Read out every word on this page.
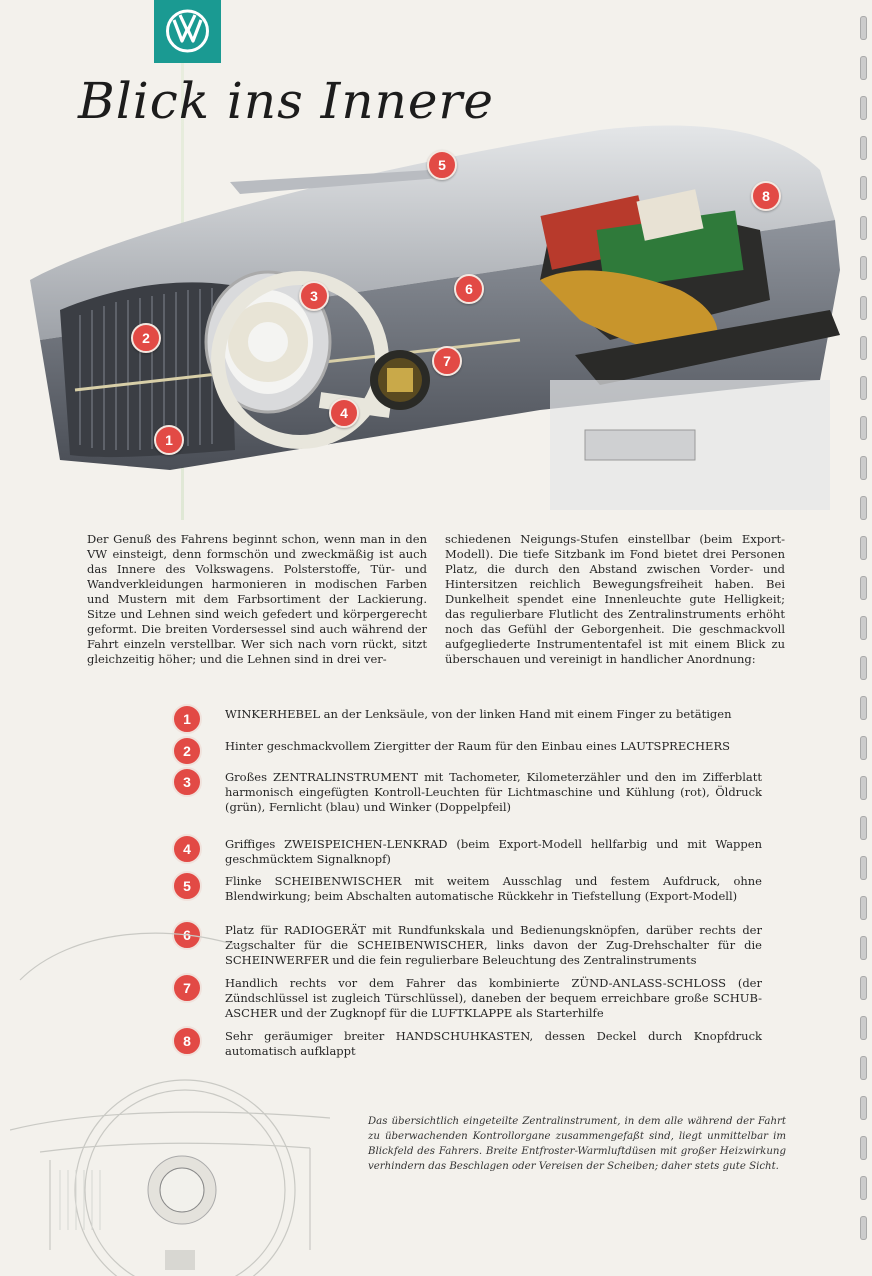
Blick ins Innere
5
8
3	6
2
7
4
1
Der Genuß des Fahrens beginnt schon, wenn man in den VW einsteigt, denn formschön und zweckmäßig ist auch das Innere des Volkswagens. Polsterstoffe, Tür- und Wandverkleidungen harmonieren in modischen Farben und Mustern mit dem Farbsortiment der Lackierung. Sitze und Lehnen sind weich gefedert und körpergerecht geformt. Die breiten Vordersessel sind auch während der Fahrt einzeln verstellbar. Wer sich nach vorn rückt, sitzt gleichzeitig höher; und die Lehnen sind in drei ver-
schiedenen Neigungs-Stufen einstellbar (beim Export-Modell). Die tiefe Sitzbank im Fond bietet drei Personen Platz, die durch den Abstand zwischen Vorder- und Hintersitzen reichlich Bewegungsfreiheit haben. Bei Dunkelheit spendet eine Innenleuchte gute Helligkeit; das regulierbare Flutlicht des Zentralinstruments erhöht noch das Gefühl der Geborgenheit. Die geschmackvoll aufgegliederte Instrumententafel ist mit einem Blick zu überschauen und vereinigt in handlicher Anordnung:
1	WINKERHEBEL an der Lenksäule, von der linken Hand mit einem Finger zu betätigen
2	Hinter geschmackvollem Ziergitter der Raum für den Einbau eines LAUTSPRECHERS
3	Großes ZENTRALINSTRUMENT mit Tachometer, Kilometerzähler und den im Zifferblatt harmonisch eingefügten Kontroll-Leuchten für Lichtmaschine und Kühlung (rot), Öldruck (grün), Fernlicht (blau) und Winker (Doppelpfeil)
4	Griffiges ZWEISPEICHEN-LENKRAD (beim Export-Modell hellfarbig und mit Wappen geschmücktem Signalknopf)
5	Flinke SCHEIBENWISCHER mit weitem Ausschlag und festem Aufdruck, ohne Blendwirkung; beim Abschalten automatische Rückkehr in Tiefstellung (Export-Modell)
6	Platz für RADIOGERÄT mit Rundfunkskala und Bedienungsknöpfen, darüber rechts der Zugschalter für die SCHEIBENWISCHER, links davon der Zug-Drehschalter für die SCHEINWERFER und die fein regulierbare Beleuchtung des Zentralinstruments
7	Handlich rechts vor dem Fahrer das kombinierte ZÜND-ANLASS-SCHLOSS (der Zündschlüssel ist zugleich Türschlüssel), daneben der bequem erreichbare große SCHUB-ASCHER und der Zugknopf für die LUFTKLAPPE als Starterhilfe
8	Sehr geräumiger breiter HANDSCHUHKASTEN, dessen Deckel durch Knopfdruck automatisch aufklappt
Das übersichtlich eingeteilte Zentralinstrument, in dem alle während der Fahrt zu überwachenden Kontrollorgane zusammengefaßt sind, liegt unmittelbar im Blickfeld des Fahrers. Breite Entfroster-Warmluftdüsen mit großer Heizwirkung verhindern das Beschlagen oder Vereisen der Scheiben; daher stets gute Sicht.
